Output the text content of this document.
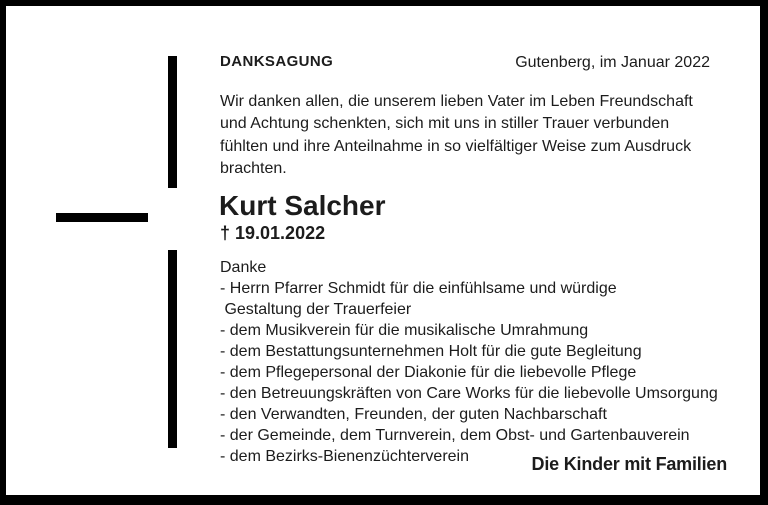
DANKSAGUNG	Gutenberg, im Januar 2022
Wir danken allen, die unserem lieben Vater im Leben Freundschaft
und Achtung schenkten, sich mit uns in stiller Trauer verbunden
fühlten und ihre Anteilnahme in so vielfältiger Weise zum Ausdruck
brachten.
Kurt Salcher
† 19.01.2022
Danke
- Herrn Pfarrer Schmidt für die einfühlsame und würdige
Gestaltung der Trauerfeier
- dem Musikverein für die musikalische Umrahmung
- dem Bestattungsunternehmen Holt für die gute Begleitung
- dem Pflegepersonal der Diakonie für die liebevolle Pflege
- den Betreuungskräften von Care Works für die liebevolle Umsorgung
- den Verwandten, Freunden, der guten Nachbarschaft
- der Gemeinde, dem Turnverein, dem Obst- und Gartenbauverein
- dem Bezirks-Bienenzüchterverein	Die Kinder mit Familien
